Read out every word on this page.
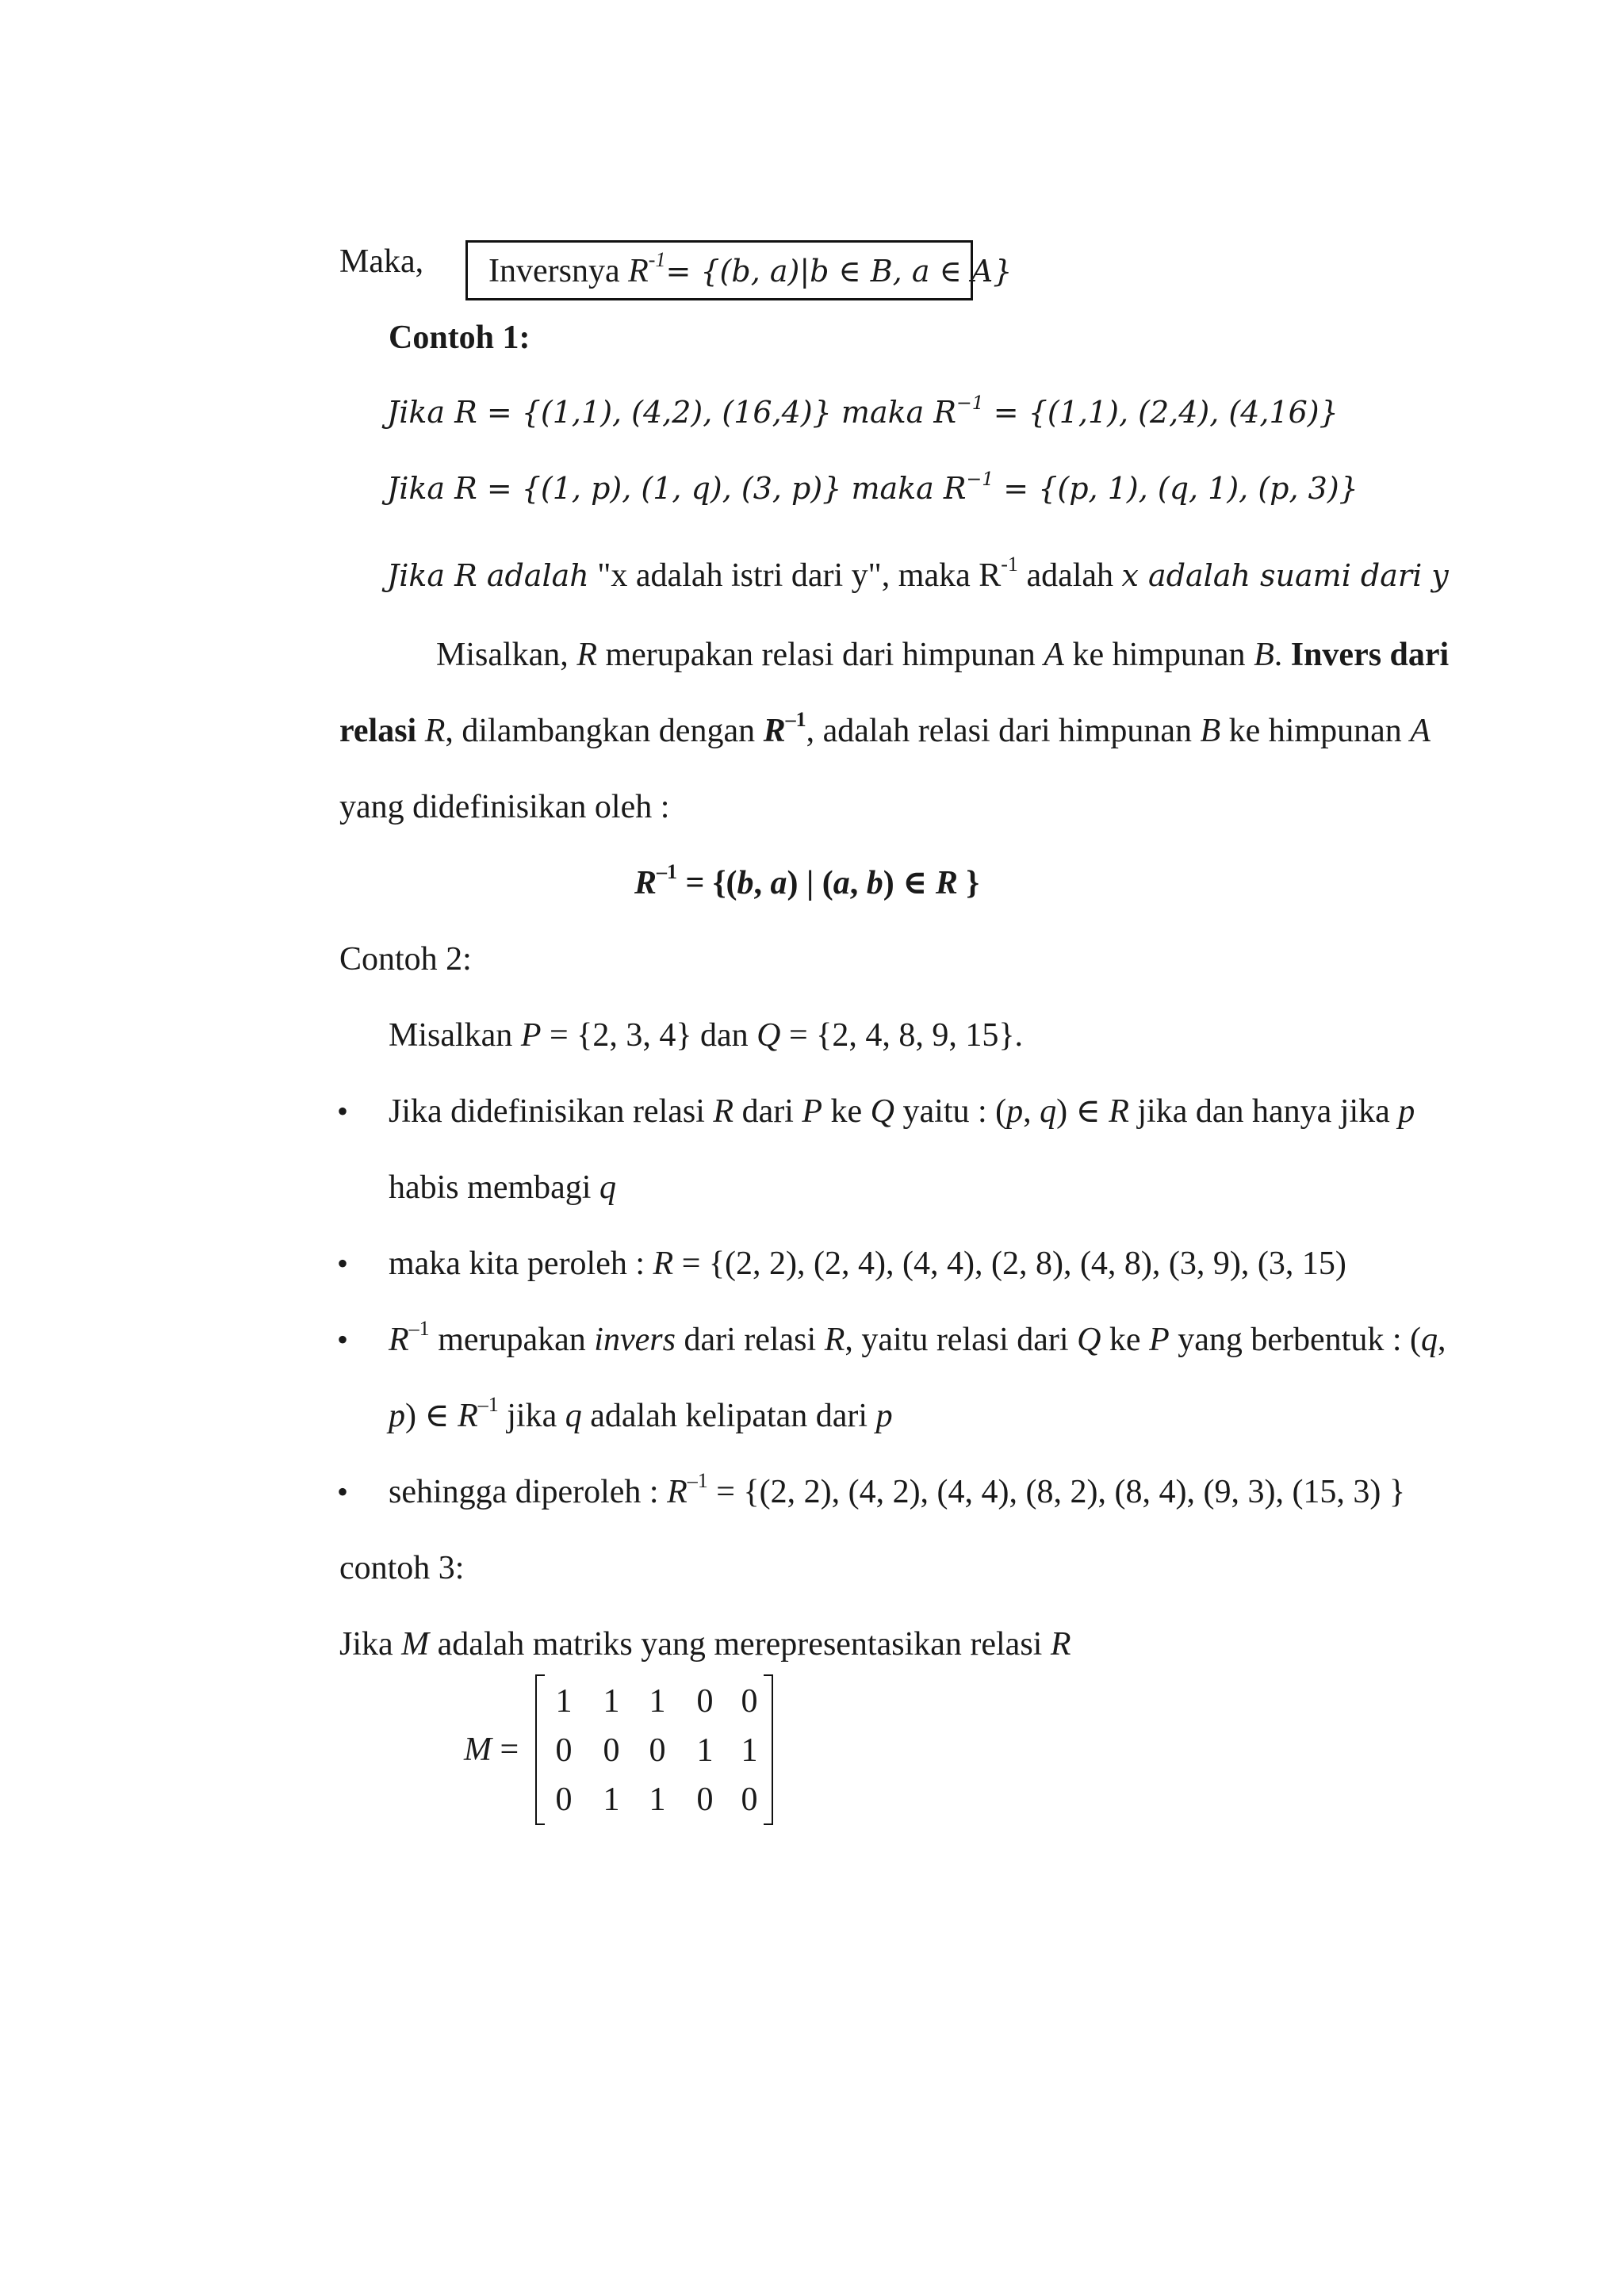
Maka, Inversnya $R^{-1}= \{(b$, a)|b ∈ B, a ∈ A}
Contoh 1:
Jika R = {(1,1), (4,2), (16,4)} maka $R^{-1} = \{(1,1)$, (2,4), (4,16)}
Jika R = {(1, p), (1, q), (3, p)} maka $R^{-1} = \{(p$, 1), (q, 1), (p, 3)}
Jika R adalah "x adalah istri dari y", maka $R^{-1}$ adalah x adalah suami dari y
Misalkan, R merupakan relasi dari himpunan A ke himpunan B. Invers dari
relasi R, dilambangkan dengan $R^{-1}$, adalah relasi dari himpunan B ke himpunan A
yang didefinisikan oleh :
$R^{-1} = \{(b$, a) | (a, b) ∈ R }
Contoh 2:
Misalkan P = {2, 3, 4} dan Q = {2, 4, 8, 9, 15}.
• Jika didefinisikan relasi R dari P ke Q yaitu : (p, q) ∈ R jika dan hanya jika p
habis membagi q
• maka kita peroleh : R = {(2, 2), (2, 4), (4, 4), (2, 8), (4, 8), (3, 9), (3, 15)
• $R^{-1}$ merupakan invers dari relasi R, yaitu relasi dari Q ke P yang berbentuk : (q,
p) ∈ $R^{-1}$ jika q adalah kelipatan dari p
• sehingga diperoleh : $R^{-1} = \{(2$, 2), (4, 2), (4, 4), (8, 2), (8, 4), (9, 3), (15, 3) }
contoh 3:
Jika M adalah matriks yang merepresentasikan relasi R
M =
1 1 1 0 0
0 0 0 1 1
0 1 1 0 0
